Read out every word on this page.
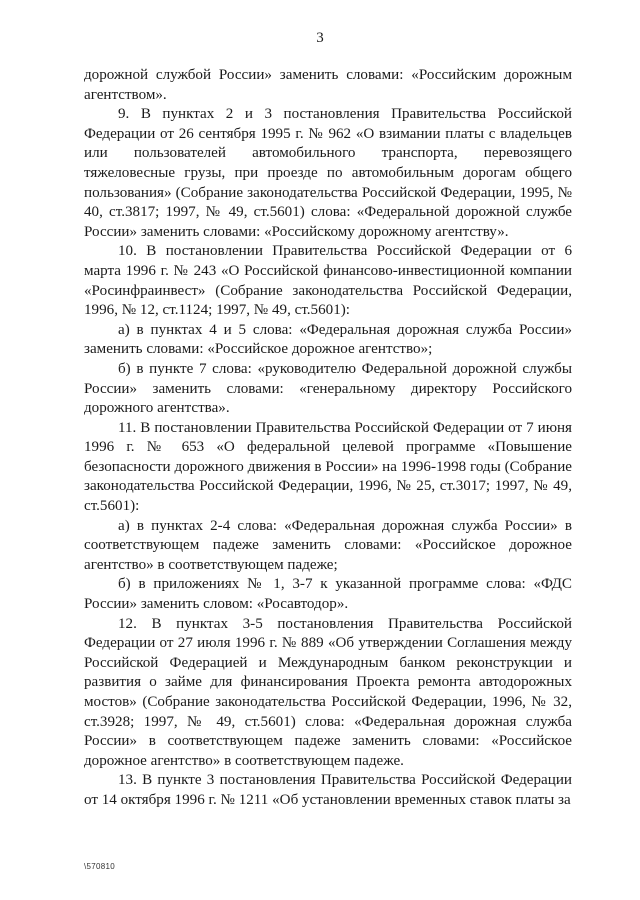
3

дорожной службой России» заменить словами: «Российским дорожным агентством».

9. В пунктах 2 и 3 постановления Правительства Российской Федерации от 26 сентября 1995 г. № 962 «О взимании платы с владельцев или пользователей автомобильного транспорта, перевозящего тяжеловесные грузы, при проезде по автомобильным дорогам общего пользования» (Собрание законодательства Российской Федерации, 1995, № 40, ст.3817; 1997, № 49, ст.5601) слова: «Федеральной дорожной службе России» заменить словами: «Российскому дорожному агентству».

10. В постановлении Правительства Российской Федерации от 6 марта 1996 г. № 243 «О Российской финансово-инвестиционной компании «Росинфраинвест» (Собрание законодательства Российской Федерации, 1996, № 12, ст.1124; 1997, № 49, ст.5601):

а) в пунктах 4 и 5 слова: «Федеральная дорожная служба России» заменить словами: «Российское дорожное агентство»;

б) в пункте 7 слова: «руководителю Федеральной дорожной службы России» заменить словами: «генеральному директору Российского дорожного агентства».

11. В постановлении Правительства Российской Федерации от 7 июня 1996 г. № 653 «О федеральной целевой программе «Повышение безопасности дорожного движения в России» на 1996-1998 годы (Собрание законодательства Российской Федерации, 1996, № 25, ст.3017; 1997, № 49, ст.5601):

а) в пунктах 2-4 слова: «Федеральная дорожная служба России» в соответствующем падеже заменить словами: «Российское дорожное агентство» в соответствующем падеже;

б) в приложениях № 1, 3-7 к указанной программе слова: «ФДС России» заменить словом: «Росавтодор».

12. В пунктах 3-5 постановления Правительства Российской Федерации от 27 июля 1996 г. № 889 «Об утверждении Соглашения между Российской Федерацией и Международным банком реконструкции и развития о займе для финансирования Проекта ремонта автодорожных мостов» (Собрание законодательства Российской Федерации, 1996, № 32, ст.3928; 1997, № 49, ст.5601) слова: «Федеральная дорожная служба России» в соответствующем падеже заменить словами: «Российское дорожное агентство» в соответствующем падеже.

13. В пункте 3 постановления Правительства Российской Федерации от 14 октября 1996 г. № 1211 «Об установлении временных ставок платы за

\570810
